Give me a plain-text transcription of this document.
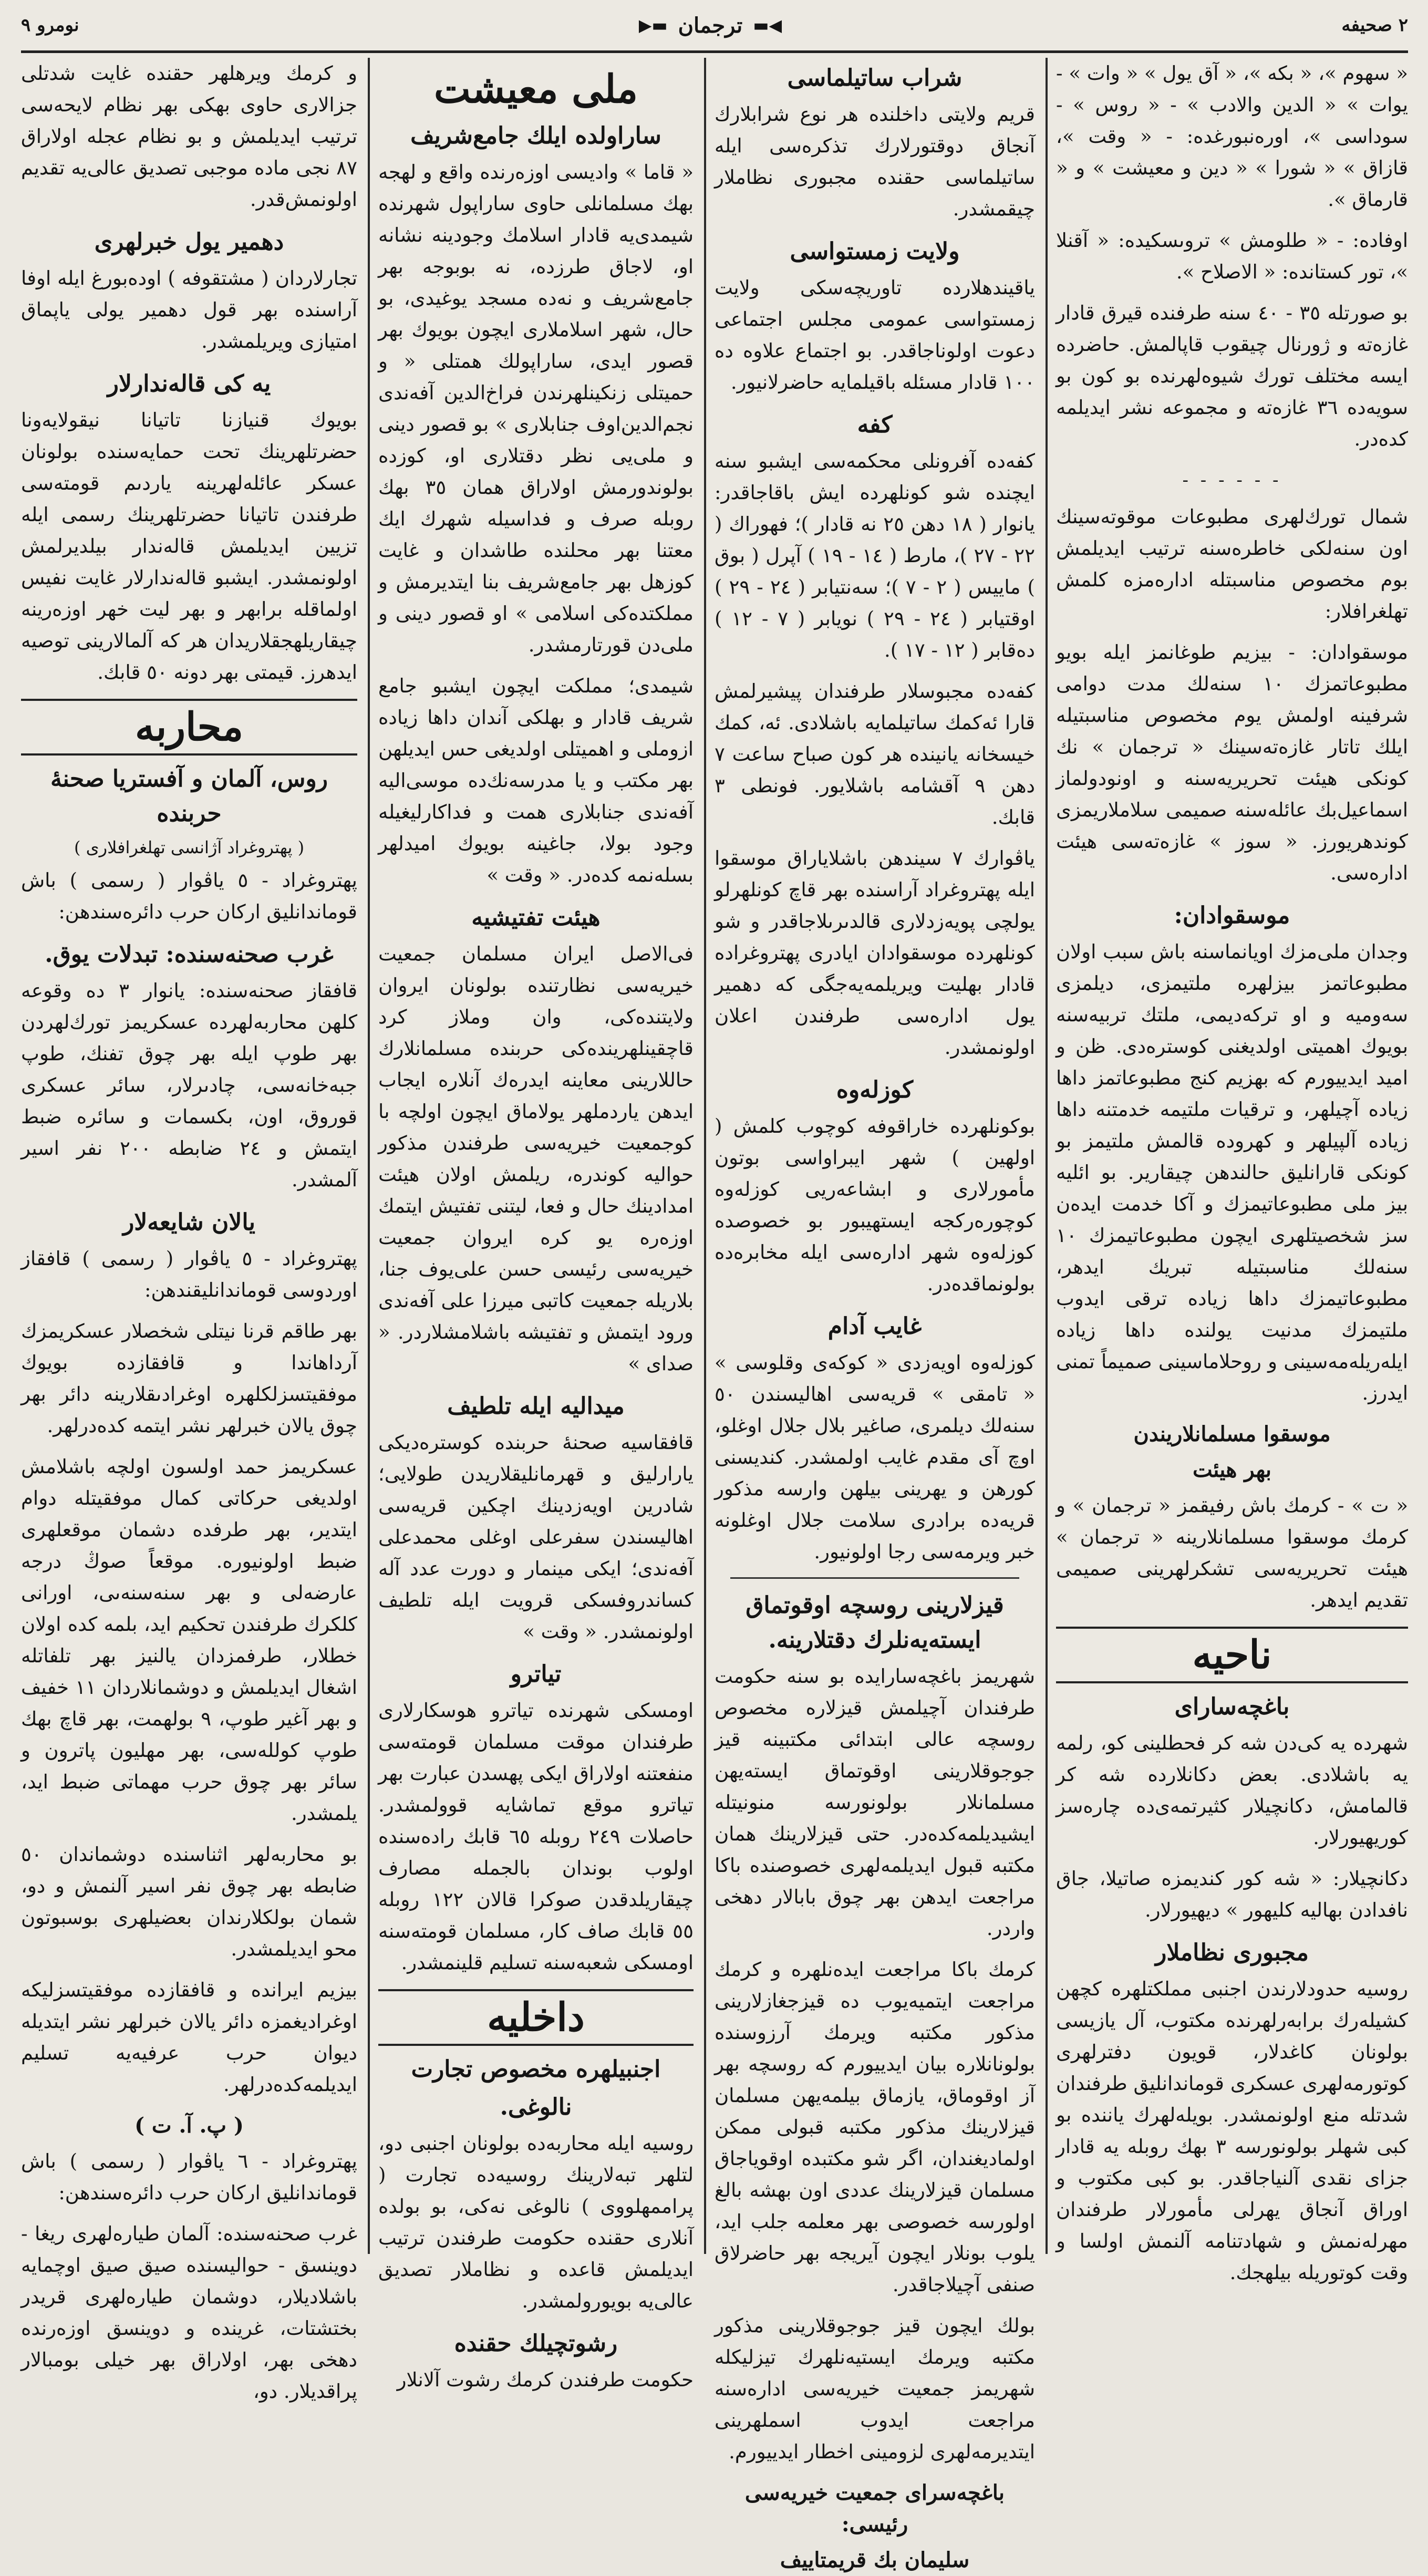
٢ صحيفه
◀▬
ترجمان
▬▶
نومرو ٩

« سهوم »، « بكه »، « آق يول » « وات » - يوات » « الدين والادب » - « روس » - سوداسى »، اوره‌نبورغده: - « وقت »، قازاق » « شورا » « دين و معيشت » و « قارماق ».

اوفاده: - « طلومش » تروىسكيده: « آقنلا »، تور كستانده: « الاصلاح ».

بو صورتله ٣٥ - ٤٠ سنه طرفنده قيرق قادار غازه‌ته و ژورنال چيقوب قاپالمش. حاضرده ايسه مختلف تورك شيوه‌لهرنده بو كون بو سويه‌ده ٣٦ غازه‌ته و مجموعه نشر ايديلمه كده‌در.

- - - - - -

شمال تورك‌لهرى مطبوعات موقوته‌سينك اون سنه‌لكى خاطره‌سنه ترتيب ايديلمش بوم مخصوص مناسبتله اداره‌مزه كلمش تهلغرافلار:

موسقوادان: - بيزيم طوغانمز ايله بويو مطبوعاتمزك ١٠ سنه‌لك مدت دوامى شرفينه اولمش يوم مخصوص مناسبتيله ايلك تاتار غازه‌ته‌سينك « ترجمان » نك كونكى هيئت تحريريه‌سنه و اونودولماز اسماعيل‌بك عائله‌سنه صميمى سلاملاريمزى كوندهريورز. « سوز » غازه‌ته‌سى هيئت اداره‌سى.

موسقوادان:

وجدان ملى‌مزك اويانماسنه باش سبب اولان مطبوعاتمز بيزلهره ملتيمزى، ديلمزى سه‌وميه و او تركه‌ديمى، ملتك تربيه‌سنه بويوك اهميتى اولديغنى كوستره‌دى. ظن و اميد ايدييورم كه بهزيم كنج مطبوعاتمز داها زياده آچيلهر، و ترقيات ملتيمه خدمتنه داها زياده آلپيلهر و كهروده قالمش ملتيمز بو كونكى قارانليق حالندهن چيقارير. بو ائليه بيز ملى مطبوعاتيمزك و آكا خدمت ايده‌ن سز شخصيتلهرى ايچون مطبوعاتيمزك ١٠ سنه‌لك مناسبتيله تبريك ايدهر، مطبوعاتيمزك داها زياده ترقى ايدوب ملتيمزك مدنيت يولنده داها زياده ايله‌ريله‌مه‌سينى و روحلاماسينى صميماً تمنى ايدرز.

موسقوا مسلمانلاريندن
بهر هيئت

« ت » - كرمك باش رفيقمز « ترجمان » و كرمك موسقوا مسلمانلارينه « ترجمان » هيئت تحريريه‌سى تشكرلهرينى صميمى تقديم ايدهر.

ناحيه
باغچه‌سارای

شهرده يه كى‌دن شه كر فحطلينى كو، رلمه يه باشلادى. بعض دكانلارده شه كر قالمامش، دكانچيلار كثيرتمه‌ى‌ده چاره‌سز كوريهيورلار.

دكانچيلار: « شه كور كنديمزه صاتيلا، جاق نافدادن بهاليه كليهور » ديهيورلار.

مجبورى نظاملار

روسيه حدودلارندن اجنبى مملكتلهره كچهن كشيله‌رك برابه‌رلهرنده مكتوب، آل يازيسى بولونان كاغدلار، قويون دفترلهرى كوتورمه‌لهرى عسكرى قوماندانليق طرفندان شدتله منع اولونمشدر. بويله‌لهرك ياننده بو كبى شهلر بولونورسه ٣ بهك روبله يه قادار جزاى نقدى آلنياجاقدر. بو كبى مكتوب و اوراق آنجاق يهرلى مأمورلار طرفندان مهرله‌نمش و شهادتنامه آلنمش اولسا و وقت كوتوريله بيلهجك.

شراب ساتيلماسى

قريم ولايتى داخلنده هر نوع شرابلارك آنجاق دوقتورلارك تذكره‌سى ايله ساتيلماسى حقنده مجبورى نظاملار چيقمشدر.

ولايت زمستواسى

ياقيندهلارده تاوريچه‌سكى ولايت زمستواسى عمومى مجلس اجتماعى دعوت اولوناجاقدر. بو اجتماع علاوه ده ١٠٠ قادار مسئله باقيلمايه حاضرلانيور.

كفه

كفه‌ده آفرونلى محكمه‌سى ايشبو سنه ايچنده شو كونلهرده ايش باقاجاقدر: يانوار ( ١٨ دهن ٢٥ نه قادار )؛ فهوراك ( ٢٢ - ٢٧ )، مارط ( ١٤ - ١٩ ) آپرل ( بوق ) ماييس ( ٢ - ٧ )؛ سه‌نتيابر ( ٢٤ - ٢٩ ) اوقتيابر ( ٢٤ - ٢٩ ) نويابر ( ٧ - ١٢ ) ده‌قابر ( ١٢ - ١٧ ).

كفه‌ده مجبوسلار طرفندان پيشيرلمش قارا ئه‌كمك ساتيلمايه باشلادى. ئه، كمك خيسخانه يانينده هر كون صباح ساعت ٧ دهن ٩ آقشامه باشلايور. فونطى ٣ قابك.

ياڤوارك ٧ سيندهن باشلاياراق موسقوا ايله پهتروغراد آراسنده بهر قاچ كونلهرلو يولچى پويه‌زدلارى قالدىرىلاجاقدر و شو كونلهرده موسقوادان ايادرى پهتروغراده قادار بهليت ويريلمه‌يه‌جگى كه دهمير يول اداره‌سى طرفندن اعلان اولونمشدر.

كوزله‌وه

بوكونلهرده خاراقوفه كوچوب كلمش ( اولهين ) شهر ايبراواسى بوتون مأمورلارى و ابشاعه‌ريى كوزله‌وه كوچوره‌ركجه ايستهيبور بو خصوصده كوزله‌وه شهر اداره‌سى ايله مخابره‌ده بولونماقده‌در.

غايب آدام

كوزله‌وه اويه‌زدى « كوكه‌ى وقلوسى » « تامقى » قريه‌سى اهاليسندن ٥٠ سنه‌لك ديلمرى، صاغير بلال جلال اوغلو، اوچ آى مقدم غايب اولمشدر. كنديسنى كورهن و يهرينى بيلهن وارسه مذكور قريه‌ده برادرى سلامت جلال اوغلونه خبر ويرمه‌سى رجا اولونيور.

قيزلارينى روسچه اوقوتماق ايسته‌يه‌نلرك دقتلارينه.

شهريمز باغچه‌سارايده بو سنه حكومت طرفندان آچيلمش قيزلاره مخصوص روسچه عالى ابتدائى مكتبينه قيز جوجوقلارينى اوقوتماق ايسته‌يهن مسلمانلار بولونورسه منونيتله ايشيديلمه‌كده‌در. حتى قيزلارينك همان مكتبه قبول ايديلمه‌لهرى خصوصنده باكا مراجعت ايدهن بهر چوق بابالار دهخى واردر.

كرمك باكا مراجعت ايده‌نلهره و كرمك مراجعت ايتميه‌يوب ده قيزجغازلارينى مذكور مكتبه ويرمك آرزوسنده بولونانلاره بيان ايدييورم كه روسچه بهر آز اوقوماق، يازماق بيلمه‌يهن مسلمان قيزلارينك مذكور مكتبه قبولى ممكن اولماديغندان، اگر شو مكتبده اوقوياجاق مسلمان قيزلارينك عددى اون بهشه بالغ اولورسه خصوصى بهر معلمه جلب ايد، يلوب بونلار ايچون آيريجه بهر حاضرلاق صنفى آچيلاجاقدر.

بولك ايچون قيز جوجوقلارينى مذكور مكتبه ويرمك ايستيه‌نلهرك تيزليكله شهريمز جمعيت خيريه‌سى اداره‌سنه مراجعت ايدوب اسملهرينى ايتديرمه‌لهرى لزومينى اخطار ايدييورم.

باغچه‌سراى جمعيت خيريه‌سى رئيسى:
سليمان بك قريمتاييف
ملى معيشت
ساراولده ايلك جامع‌شريف

« قاما » واديسى اوزه‌رنده واقع و لهجه بهك مسلمانلى حاوى ساراپول شهرنده شيمدى‌يه قادار اسلامك وجودينه نشانه او، لاجاق طرزده، نه بوبوجه بهر جامع‌شريف و نه‌ده مسجد يوغيدى، بو حال، شهر اسلاملارى ايچون بويوك بهر قصور ايدى، ساراپولك همتلى « و حميتلى زنكينلهرندن فراخ‌الدين آفه‌ندى نجم‌الدين‌اوف جنابلارى » بو قصور دينى و ملى‌يى نظر دقتلارى او، كوزده بولوندورمش اولاراق همان ٣٥ بهك روبله صرف و فداسيله شهرك ايك معتنا بهر محلنده طاشدان و غايت كوزهل بهر جامع‌شريف بنا ايتديرمش و مملكتده‌كى اسلامى » او قصور دينى و ملى‌دن قورتارمشدر.

شيمدى؛ مملكت ايچون ايشبو جامع شريف قادار و بهلكى آندان داها زياده ازوملى و اهميتلى اولديغى حس ايديلهن بهر مكتب و يا مدرسه‌نك‌ده موسى‌اليه آفه‌ندى جنابلارى همت و فداكارليغيله وجود بولا، جاغينه بويوك اميدلهر بسله‌نمه كده‌در. « وقت »

هيئت تفتيشيه

فى‌الاصل ايران مسلمان جمعيت خيريه‌سى نظارتنده بولونان ايروان ولايتنده‌كى، وان وملاز كرد قاچقينلهرينده‌كى حربنده مسلمانلارك حاللارينى معاينه ايدره‌ك آنلاره ايجاب ايدهن ياردملهر يولاماق ايچون اولچه با كوجمعيت خيريه‌سى طرفندن مذكور حواليه كوندره، ريلمش اولان هيئت امدادينك حال و فعا، ليتنى تفتيش ايتمك اوزه‌ره يو كره ايروان جمعيت خيريه‌سى رئيسى حسن على‌يوف جنا، بلاريله جمعيت كاتبى ميرزا على آفه‌ندى ورود ايتمش و تفتيشه باشلامشلاردر. « صداى »

ميداليه ايله تلطيف

قافقاسيه صحنهٔ حربنده كوستره‌ديكى يارارليق و قهرمانليقلاريدن طولايى؛ شادرين اويه‌زدينك اچكين قريه‌سى اهاليسندن سفرعلى اوغلى محمدعلى آفه‌ندى؛ ايكى مينمار و دورت عدد آله كساندروفسكى قرويت ايله تلطيف اولونمشدر. « وقت »

تياترو

اومسكى شهرنده تياترو هوسكارلارى طرفندان موقت مسلمان قومته‌سى منفعتنه اولاراق ايكى پهسدن عبارت بهر تياترو موقع تماشايه قوولمشدر. حاصلات ٢٤٩ روبله ٦٥ قابك راده‌سنده اولوب بوندان بالجمله مصارف چيقاريلدقدن صوكرا قالان ١٢٢ روبله ٥٥ قابك صاف كار، مسلمان قومته‌سنه اومسكى شعبه‌سنه تسليم قلينمشدر.

داخليه
اجنبيلهره مخصوص تجارت
نالوغى.

روسيه ايله محاربه‌ده بولونان اجنبى دو، لتلهر تبه‌لارينك روسيه‌ده تجارت ( پراممهلووى ) نالوغى نه‌كى، بو بولده آنلارى حقنده حكومت طرفندن ترتيب ايديلمش قاعده و نظاملار تصديق عالى‌يه بويورولمشدر.

رشوتچيلك حقنده

حكومت طرفندن كرمك رشوت آلانلار

و كرمك ويرهلهر حقنده غايت شدتلى جزا‌لارى حاوى بهكى بهر نظام لايحه‌سى ترتيب ايديلمش و بو نظام عجله اولاراق ٨٧ نجى ماده موجبى تصديق عالى‌يه تقديم اولونمش‌قدر.

دهمير يول خبرلهرى

تجارلاردان ( مشتقوفه ) اوده‌بورغ ايله اوفا آراسنده بهر قول دهمير يولى ياپماق امتيازى ويريلمشدر.

يه كى قاله‌ندارلار

بويوك قنيازنا تاتيانا نيقولايه‌ونا حضرتلهرينك تحت حمايه‌سنده بولونان عسكر عائله‌لهرينه ياردىم قومته‌سى طرفندن تاتيانا حضرتلهرينك رسمى ايله تزيين ايديلمش قاله‌ندار بيلديرلمش اولونمشدر. ايشبو قاله‌ندارلار غايت نفيس اولماقله برابهر و بهر ليت خهر اوزه‌رينه چيقاريلهجقلاريدان هر كه آلمالارينى توصيه ايدهرز. قيمتى بهر دونه ٥٠ قابك.

محاربه
روس، آلمان و آفستريا صحنهٔ حربنده
( پهتروغراد آژانسى تهلغرافلارى )

پهتروغراد - ٥ ياڤوار ( رسمى ) باش قوماندانليق اركان حرب دائره‌سندهن:

غرب صحنه‌سنده: تبدلات يوق.

قافقاز صحنه‌سنده: يانوار ٣ ده وقوعه كلهن محاربه‌لهرده عسكريمز تورك‌لهردن بهر طوپ ايله بهر چوق تفنك، طوپ جبه‌خانه‌سى، چادىرلار، سائر عسكرى قوروق، اون، بكسمات و سائره ضبط ايتمش و ٢٤ ضابطه ٢٠٠ نفر اسير آلمشدر.

يالان شايعه‌لار

پهتروغراد - ٥ ياڤوار ( رسمى ) قافقاز اوردوسى قوماندانليقندهن:

بهر طاقم قرنا نيتلى شخصلار عسكريمزك آرداهاندا و قافقازده بويوك موفقيتسزلكلهره اوغرادىقلارينه دائر بهر چوق يالان خبرلهر نشر ايتمه كده‌درلهر.

عسكريمز حمد اولسون اولچه باشلامش اولديغى حركاتى كمال موفقيتله دوام ايتدير، بهر طرفده دشمان موقعلهرى ضبط اولونيوره. موقعاً صوڭ درجه عارضه‌لى و بهر سنه‌سنه‌ىى، اورانى كلكرك طرفندن تحكيم ايد، بلمه كده اولان خطلار، طرفمزدان يالنيز بهر تلفاتله اشغال ايديلمش و دوشمانلاردان ١١ خفيف و بهر آغير طوپ، ٩ بولهمت، بهر قاچ بهك طوپ كولله‌سى، بهر مهليون پاترون و سائر بهر چوق حرب مهماتى ضبط ايد، يلمشدر.

بو محاربه‌لهر اثناسنده دوشماندان ٥٠ ضابطه بهر چوق نفر اسير آلنمش و دو، شمان بولكلارندان بعضيلهرى بوسبوتون محو ايديلمشدر.

بيزيم ايرانده و قافقازده موفقيتسزليكه اوغراديغمزه دائر يالان خبرلهر نشر ايتديله ديوان حرب عرفيه‌يه تسليم ايديلمه‌كده‌درلهر.

( پ. آ. ت )

پهتروغراد - ٦ ياڤوار ( رسمى ) باش قوماندانليق اركان حرب دائره‌سندهن:

غرب صحنه‌سنده: آلمان طياره‌لهرى ريغا - دوينسق - حواليسنده صيق صيق اوچمايه باشلاديلار، دوشمان طياره‌لهرى قريدر بختشتات، غرينده و دوينسق اوزه‌رنده دهخى بهر، اولاراق بهر خيلى بومبالار پراقديلار. دو،
